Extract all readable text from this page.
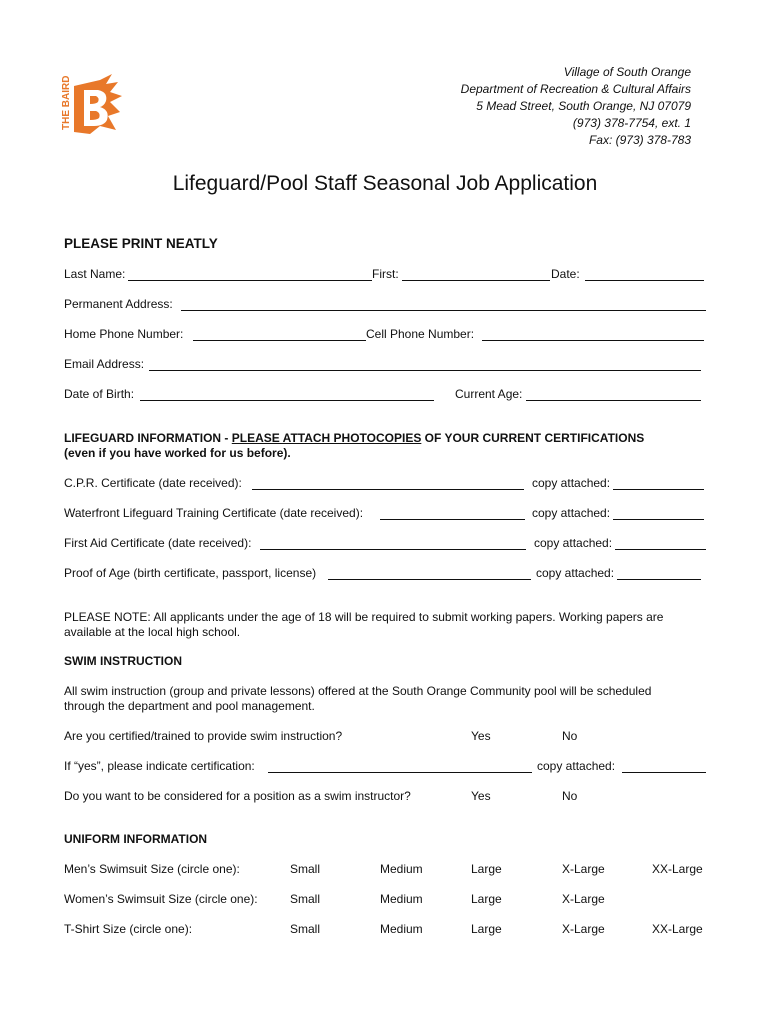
THE BAIRD
Village of South Orange
Department of Recreation & Cultural Affairs
5 Mead Street, South Orange, NJ 07079
(973) 378-7754, ext. 1
Fax: (973) 378-783
Lifeguard/Pool Staff Seasonal Job Application
PLEASE PRINT NEATLY
Last Name:	First:	Date:
Permanent Address:
Home Phone Number:	Cell Phone Number:
Email Address:
Date of Birth:	Current Age:
LIFEGUARD INFORMATION - PLEASE ATTACH PHOTOCOPIES OF YOUR CURRENT CERTIFICATIONS
(even if you have worked for us before).
C.P.R. Certificate (date received):	copy attached:
Waterfront Lifeguard Training Certificate (date received):	copy attached:
First Aid Certificate (date received):	copy attached:
Proof of Age (birth certificate, passport, license)	copy attached:
PLEASE NOTE: All applicants under the age of 18 will be required to submit working papers. Working papers are
available at the local high school.
SWIM INSTRUCTION
All swim instruction (group and private lessons) offered at the South Orange Community pool will be scheduled
through the department and pool management.
Are you certified/trained to provide swim instruction?	Yes	No
If “yes”, please indicate certification:	copy attached:
Do you want to be considered for a position as a swim instructor?	Yes	No
UNIFORM INFORMATION
Men’s Swimsuit Size (circle one):	Small	Medium	Large	X-Large	XX-Large
Women’s Swimsuit Size (circle one):	Small	Medium	Large	X-Large
T-Shirt Size (circle one):	Small	Medium	Large	X-Large	XX-Large
